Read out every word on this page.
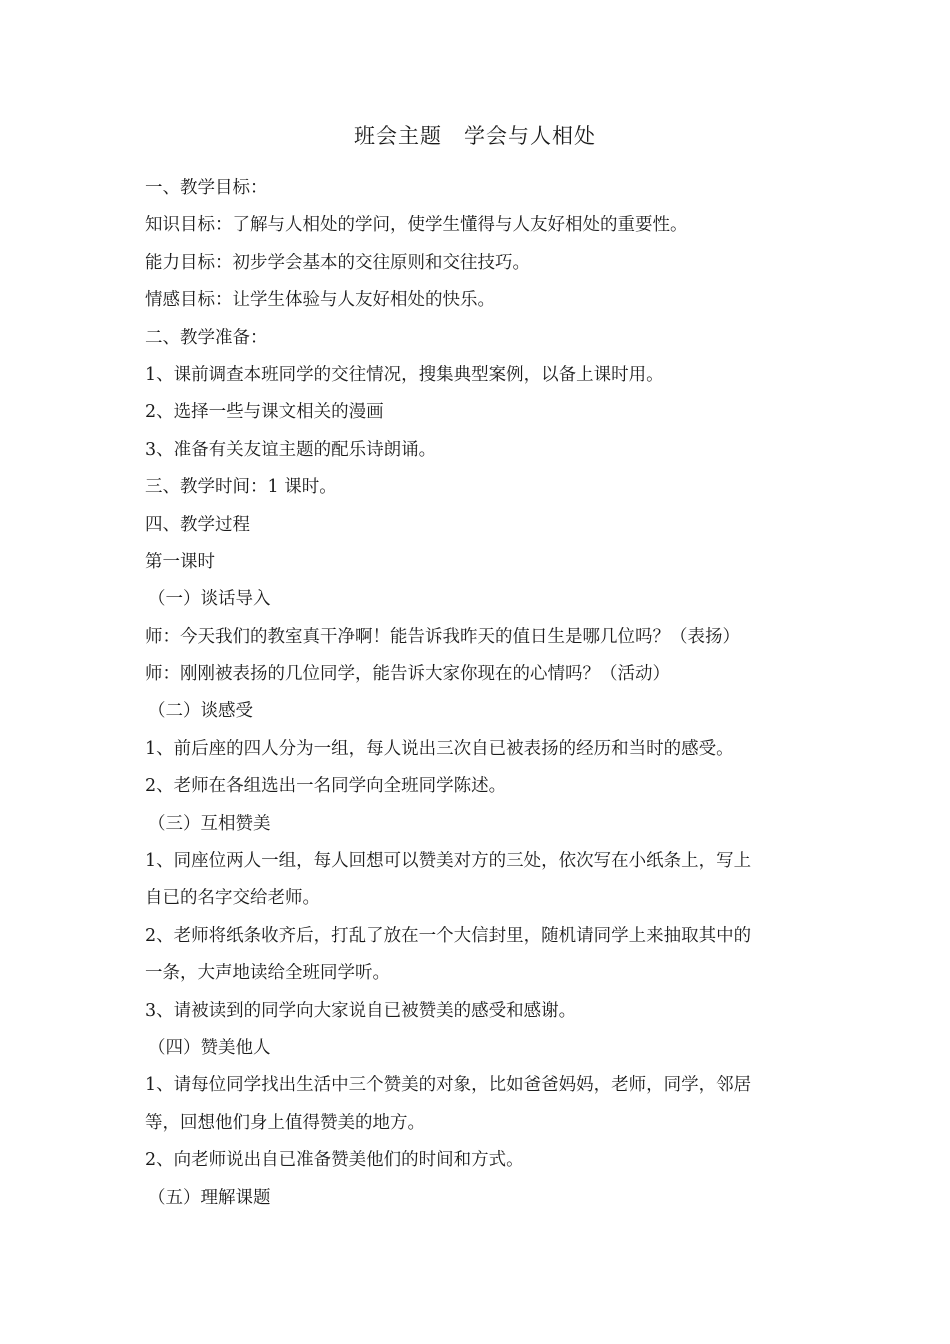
班会主题　学会与人相处
一、教学目标：
知识目标：了解与人相处的学问，使学生懂得与人友好相处的重要性。
能力目标：初步学会基本的交往原则和交往技巧。
情感目标：让学生体验与人友好相处的快乐。
二、教学准备：
1、课前调查本班同学的交往情况，搜集典型案例，以备上课时用。
2、选择一些与课文相关的漫画
3、准备有关友谊主题的配乐诗朗诵。
三、教学时间：1 课时。
四、教学过程
第一课时
（一）谈话导入
师：今天我们的教室真干净啊！能告诉我昨天的值日生是哪几位吗？（表扬）
师：刚刚被表扬的几位同学，能告诉大家你现在的心情吗？（活动）
（二）谈感受
1、前后座的四人分为一组，每人说出三次自已被表扬的经历和当时的感受。
2、老师在各组选出一名同学向全班同学陈述。
（三）互相赞美
1、同座位两人一组，每人回想可以赞美对方的三处，依次写在小纸条上，写上
自已的名字交给老师。
2、老师将纸条收齐后，打乱了放在一个大信封里，随机请同学上来抽取其中的
一条，大声地读给全班同学听。
3、请被读到的同学向大家说自已被赞美的感受和感谢。
（四）赞美他人
1、请每位同学找出生活中三个赞美的对象，比如爸爸妈妈，老师，同学，邻居
等，回想他们身上值得赞美的地方。
2、向老师说出自已准备赞美他们的时间和方式。
（五）理解课题
